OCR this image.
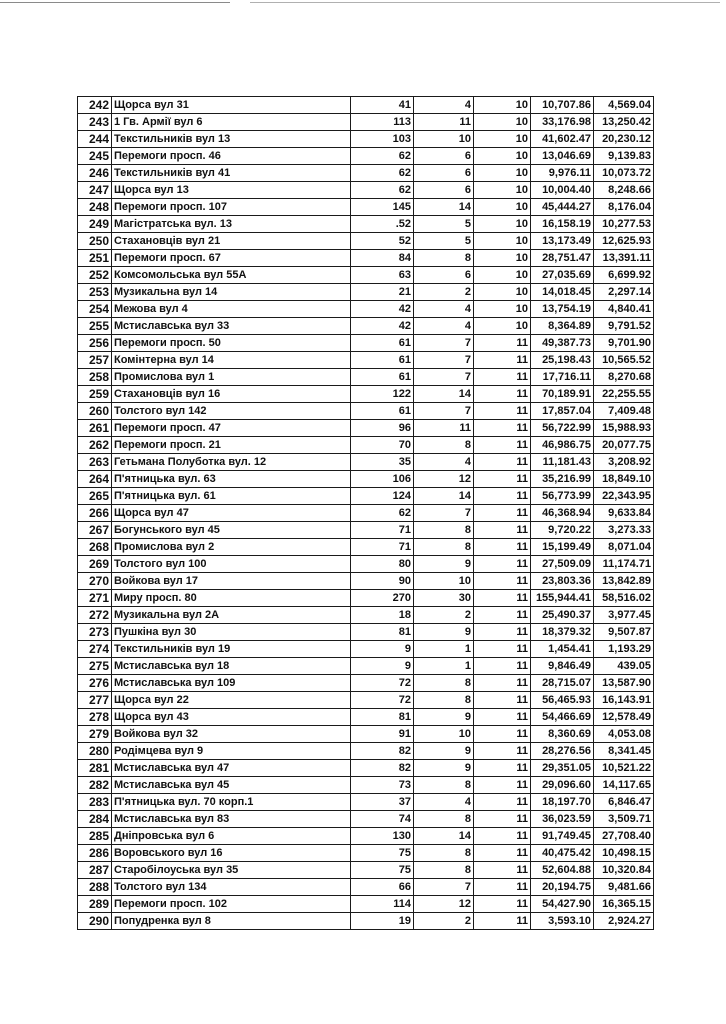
242	Щорса вул 31	41	4	10	10,707.86	4,569.04
243	1 Гв. Армії вул 6	113	11	10	33,176.98	13,250.42
244	Текстильників вул 13	103	10	10	41,602.47	20,230.12
245	Перемоги просп. 46	62	6	10	13,046.69	9,139.83
246	Текстильників вул 41	62	6	10	9,976.11	10,073.72
247	Щорса вул 13	62	6	10	10,004.40	8,248.66
248	Перемоги просп. 107	145	14	10	45,444.27	8,176.04
249	Магістратська вул. 13	.52	5	10	16,158.19	10,277.53
250	Стахановців вул 21	52	5	10	13,173.49	12,625.93
251	Перемоги просп. 67	84	8	10	28,751.47	13,391.11
252	Комсомольська вул 55А	63	6	10	27,035.69	6,699.92
253	Музикальна вул 14	21	2	10	14,018.45	2,297.14
254	Межова вул 4	42	4	10	13,754.19	4,840.41
255	Мстиславська вул 33	42	4	10	8,364.89	9,791.52
256	Перемоги просп. 50	61	7	11	49,387.73	9,701.90
257	Комінтерна вул 14	61	7	11	25,198.43	10,565.52
258	Промислова вул 1	61	7	11	17,716.11	8,270.68
259	Стахановців вул 16	122	14	11	70,189.91	22,255.55
260	Толстого вул 142	61	7	11	17,857.04	7,409.48
261	Перемоги просп. 47	96	11	11	56,722.99	15,988.93
262	Перемоги просп. 21	70	8	11	46,986.75	20,077.75
263	Гетьмана Полуботка вул. 12	35	4	11	11,181.43	3,208.92
264	П'ятницька вул. 63	106	12	11	35,216.99	18,849.10
265	П'ятницька вул. 61	124	14	11	56,773.99	22,343.95
266	Щорса вул 47	62	7	11	46,368.94	9,633.84
267	Богунського вул 45	71	8	11	9,720.22	3,273.33
268	Промислова вул 2	71	8	11	15,199.49	8,071.04
269	Толстого вул 100	80	9	11	27,509.09	11,174.71
270	Войкова вул 17	90	10	11	23,803.36	13,842.89
271	Миру просп. 80	270	30	11	155,944.41	58,516.02
272	Музикальна вул 2А	18	2	11	25,490.37	3,977.45
273	Пушкіна вул 30	81	9	11	18,379.32	9,507.87
274	Текстильників вул 19	9	1	11	1,454.41	1,193.29
275	Мстиславська вул 18	9	1	11	9,846.49	439.05
276	Мстиславська вул 109	72	8	11	28,715.07	13,587.90
277	Щорса вул 22	72	8	11	56,465.93	16,143.91
278	Щорса вул 43	81	9	11	54,466.69	12,578.49
279	Войкова вул 32	91	10	11	8,360.69	4,053.08
280	Родімцева вул 9	82	9	11	28,276.56	8,341.45
281	Мстиславська вул 47	82	9	11	29,351.05	10,521.22
282	Мстиславська вул 45	73	8	11	29,096.60	14,117.65
283	П'ятницька вул. 70 корп.1	37	4	11	18,197.70	6,846.47
284	Мстиславська вул 83	74	8	11	36,023.59	3,509.71
285	Дніпровська вул 6	130	14	11	91,749.45	27,708.40
286	Воровського вул 16	75	8	11	40,475.42	10,498.15
287	Старобілоуська вул 35	75	8	11	52,604.88	10,320.84
288	Толстого вул 134	66	7	11	20,194.75	9,481.66
289	Перемоги просп. 102	114	12	11	54,427.90	16,365.15
290	Попудренка вул 8	19	2	11	3,593.10	2,924.27
